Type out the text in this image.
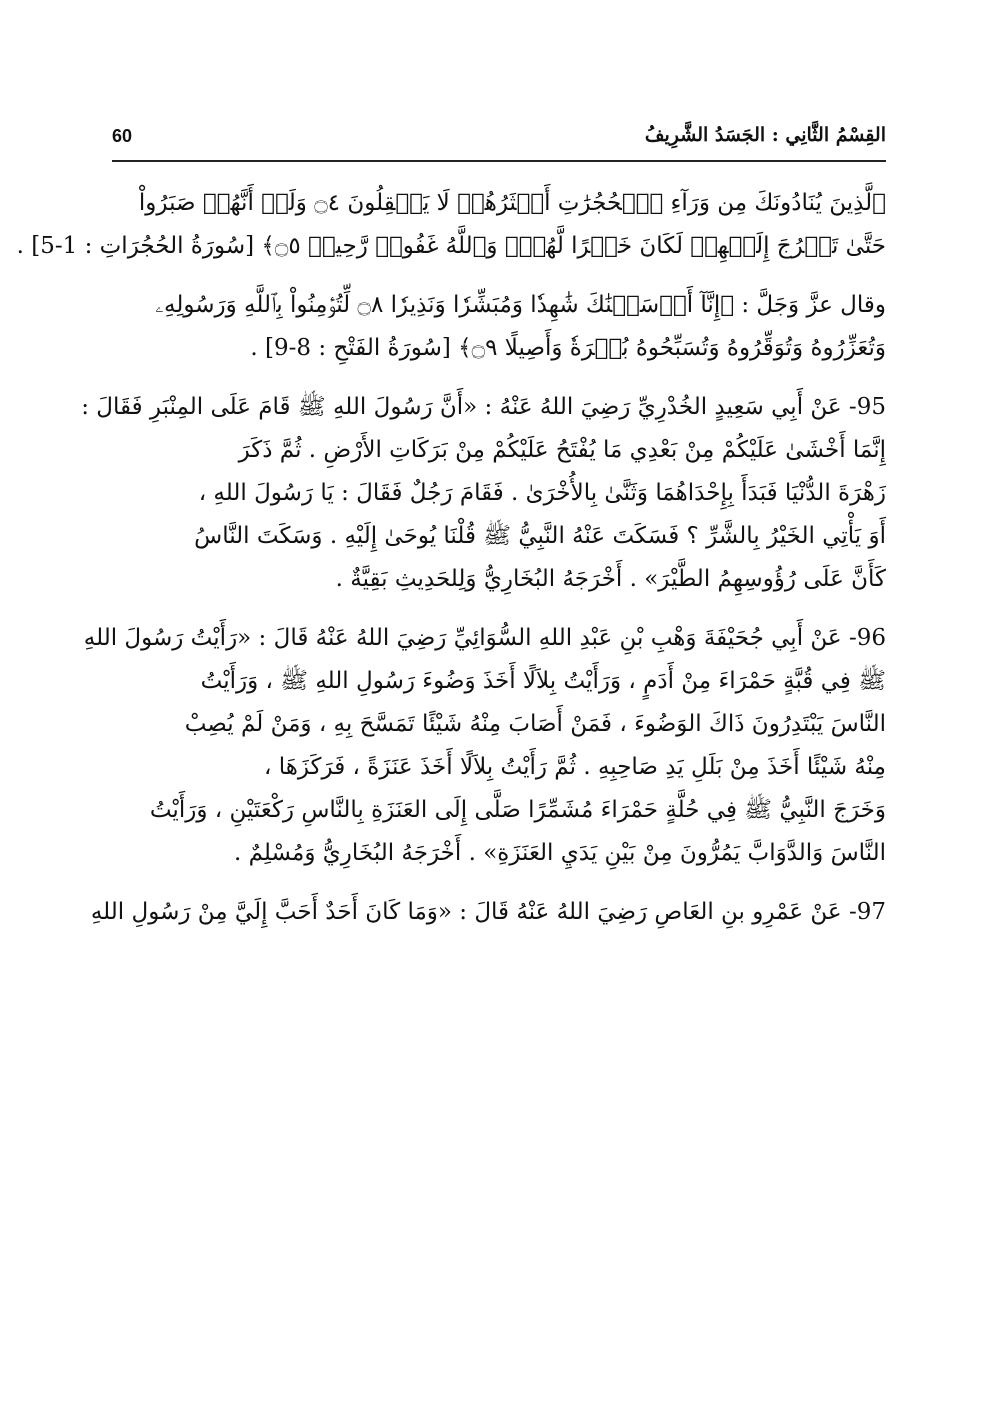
القِسْمُ الثَّانِي : الجَسَدُ الشَّرِيفُ
60
ٱلَّذِينَ يُنَادُونَكَ مِن وَرَآءِ ٱلۡحُجُرَٰتِ أَكۡثَرُهُمۡ لَا يَعۡقِلُونَ ۝٤ وَلَوۡ أَنَّهُمۡ صَبَرُواْ
حَتَّىٰ تَخۡرُجَ إِلَيۡهِمۡ لَكَانَ خَيۡرًا لَّهُمۡۚ وَٱللَّهُ غَفُورٞ رَّحِيمٞ ۝٥﴾ [سُورَةُ الحُجُرَاتِ : 1-5] .
وقال عزَّ وَجَلَّ : ﴿إِنَّآ أَرۡسَلۡنَٰكَ شَٰهِدٗا وَمُبَشِّرٗا وَنَذِيرٗا ۝٨ لِّتُؤۡمِنُواْ بِٱللَّهِ وَرَسُولِهِۦ
وَتُعَزِّرُوهُ وَتُوَقِّرُوهُ وَتُسَبِّحُوهُ بُكۡرَةٗ وَأَصِيلًا ۝٩﴾ [سُورَةُ الفَتْحِ : 8-9] .
95- عَنْ أَبِي سَعِيدٍ الخُدْرِيِّ رَضِيَ اللهُ عَنْهُ : «أَنَّ رَسُولَ اللهِ ﷺ قَامَ عَلَى المِنْبَرِ فَقَالَ :
إِنَّمَا أَخْشَىٰ عَلَيْكُمْ مِنْ بَعْدِي مَا يُفْتَحُ عَلَيْكُمْ مِنْ بَرَكَاتِ الأَرْضِ . ثُمَّ ذَكَرَ
زَهْرَةَ الدُّنْيَا فَبَدَأَ بِإِحْدَاهُمَا وَثَنَّىٰ بِالأُخْرَىٰ . فَقَامَ رَجُلٌ فَقَالَ : يَا رَسُولَ اللهِ ،
أَوَ يَأْتِي الخَيْرُ بِالشَّرِّ ؟ فَسَكَتَ عَنْهُ النَّبِيُّ ﷺ قُلْنَا يُوحَىٰ إِلَيْهِ . وَسَكَتَ النَّاسُ
كَأَنَّ عَلَى رُؤُوسِهِمُ الطَّيْرَ» . أَخْرَجَهُ البُخَارِيُّ وَلِلحَدِيثِ بَقِيَّةٌ .
96- عَنْ أَبِي جُحَيْفَةَ وَهْبِ بْنِ عَبْدِ اللهِ السُّوَائِيِّ رَضِيَ اللهُ عَنْهُ قَالَ : «رَأَيْتُ رَسُولَ اللهِ
ﷺ فِي قُبَّةٍ حَمْرَاءَ مِنْ أَدَمٍ ، وَرَأَيْتُ بِلاَلًا أَخَذَ وَضُوءَ رَسُولِ اللهِ ﷺ ، وَرَأَيْتُ
النَّاسَ يَبْتَدِرُونَ ذَاكَ الوَضُوءَ ، فَمَنْ أَصَابَ مِنْهُ شَيْئًا تَمَسَّحَ بِهِ ، وَمَنْ لَمْ يُصِبْ
مِنْهُ شَيْئًا أَخَذَ مِنْ بَلَلِ يَدِ صَاحِبِهِ . ثُمَّ رَأَيْتُ بِلاَلًا أَخَذَ عَنَزَةً ، فَرَكَزَهَا ،
وَخَرَجَ النَّبِيُّ ﷺ فِي حُلَّةٍ حَمْرَاءَ مُشَمِّرًا صَلَّى إِلَى العَنَزَةِ بِالنَّاسِ رَكْعَتَيْنِ ، وَرَأَيْتُ
النَّاسَ وَالدَّوَابَّ يَمُرُّونَ مِنْ بَيْنِ يَدَيِ العَنَزَةِ» . أَخْرَجَهُ البُخَارِيُّ وَمُسْلِمٌ .
97- عَنْ عَمْرِو بنِ العَاصِ رَضِيَ اللهُ عَنْهُ قَالَ : «وَمَا كَانَ أَحَدٌ أَحَبَّ إِلَيَّ مِنْ رَسُولِ اللهِ
